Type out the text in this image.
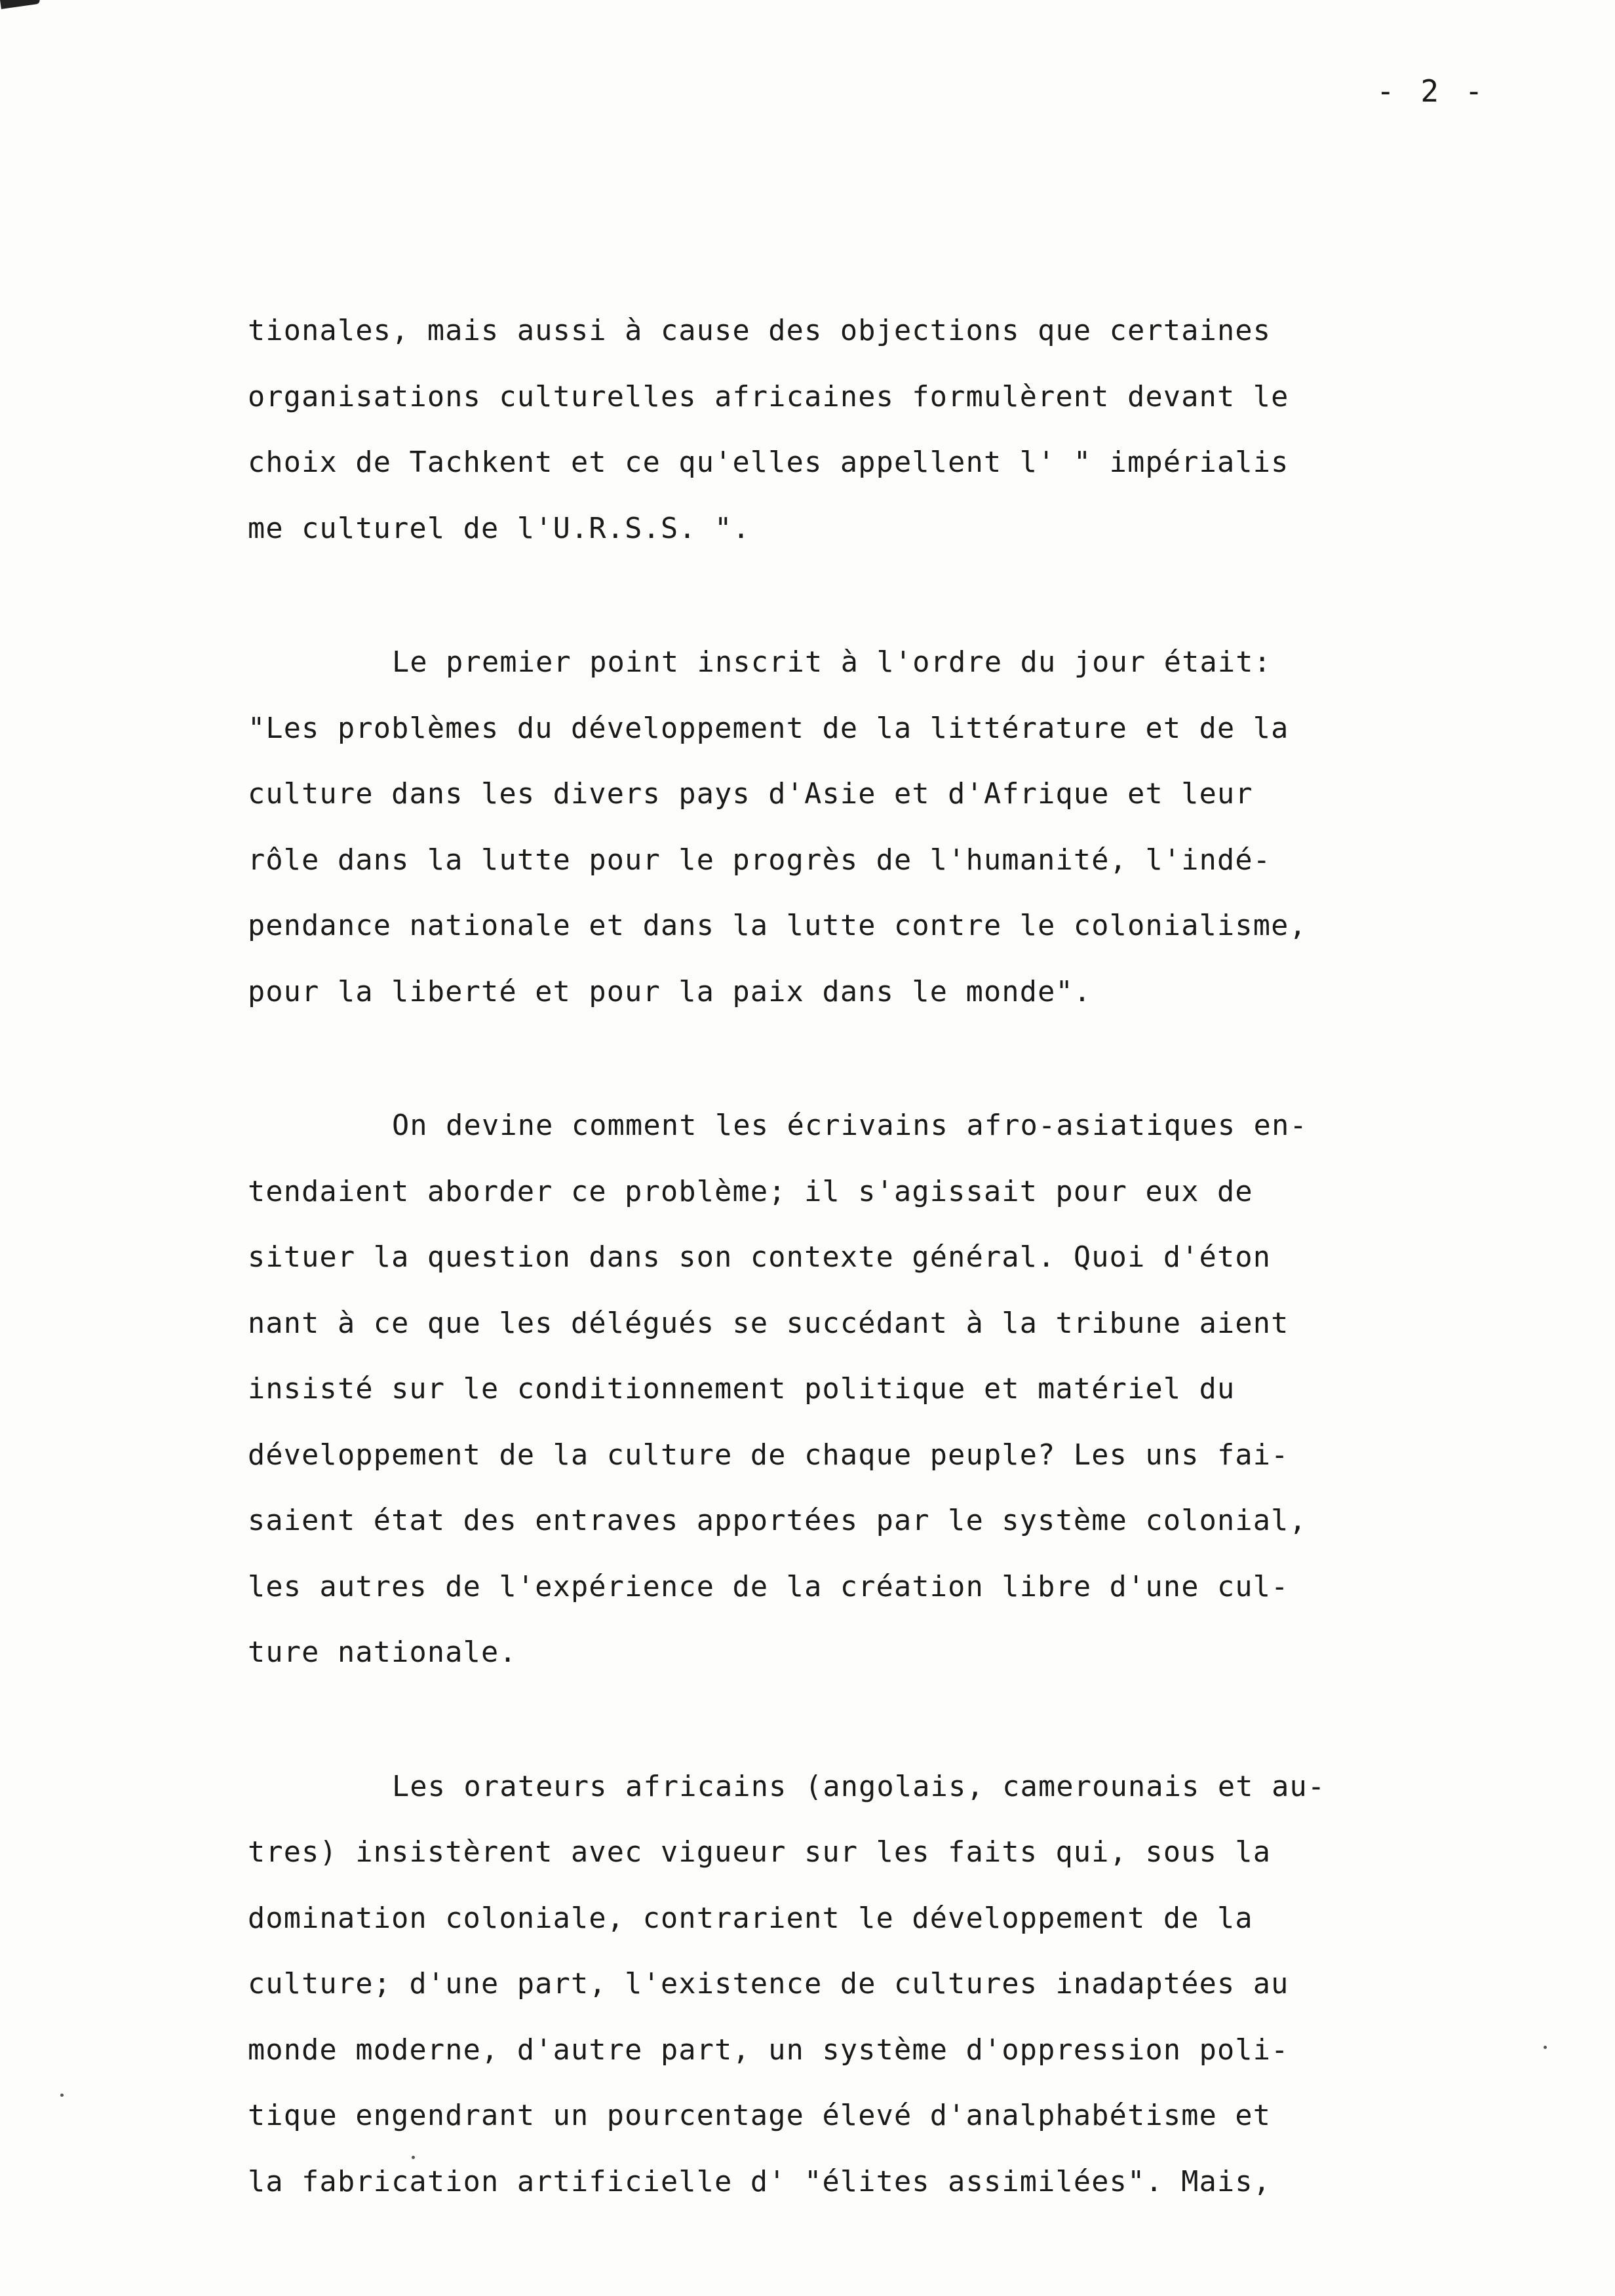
- 2 -
tionales, mais aussi à cause des objections que certaines
organisations culturelles africaines formulèrent devant le
choix de Tachkent et ce qu'elles appellent l' " impérialis
me culturel de l'U.R.S.S. ".
Le premier point inscrit à l'ordre du jour était:
"Les problèmes du développement de la littérature et de la
culture dans les divers pays d'Asie et d'Afrique et leur
rôle dans la lutte pour le progrès de l'humanité, l'indé-
pendance nationale et dans la lutte contre le colonialisme,
pour la liberté et pour la paix dans le monde".
On devine comment les écrivains afro-asiatiques en-
tendaient aborder ce problème; il s'agissait pour eux de
situer la question dans son contexte général. Quoi d'éton
nant à ce que les délégués se succédant à la tribune aient
insisté sur le conditionnement politique et matériel du
développement de la culture de chaque peuple? Les uns fai-
saient état des entraves apportées par le système colonial,
les autres de l'expérience de la création libre d'une cul-
ture nationale.
Les orateurs africains (angolais, camerounais et au-
tres) insistèrent avec vigueur sur les faits qui, sous la
domination coloniale, contrarient le développement de la
culture; d'une part, l'existence de cultures inadaptées au
monde moderne, d'autre part, un système d'oppression poli-
tique engendrant un pourcentage élevé d'analphabétisme et
la fabrication artificielle d' "élites assimilées". Mais,
